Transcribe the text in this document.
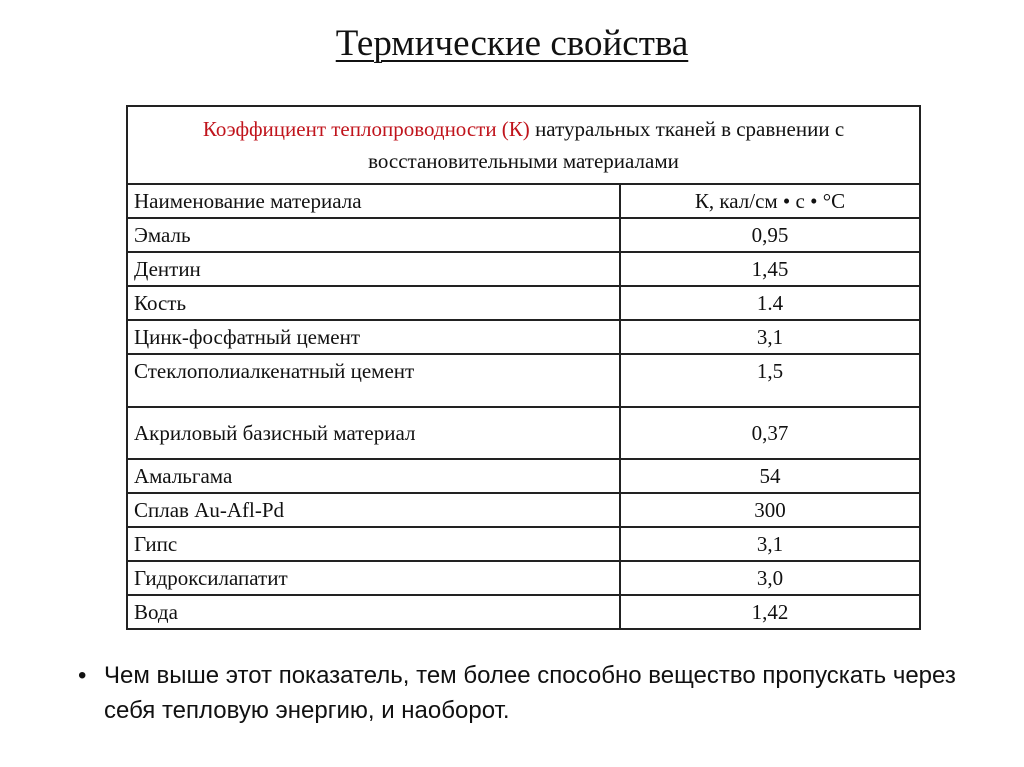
Термические свойства
Коэффициент теплопроводности (К) натуральных тканей в сравнении с восстановительными материалами	
Наименование материала	К, кал/см • с • °С
Эмаль	0,95
Дентин	1,45
Кость	1.4
Цинк-фосфатный цемент	3,1
Стеклополиалкенатный цемент	1,5
Акриловый базисный материал	0,37
Амальгама	54
Сплав Au-Afl-Pd	300
Гипс	3,1
Гидроксилапатит	3,0
Вода	1,42
• Чем выше этот показатель, тем более способно вещество пропускать через себя тепловую энергию, и наоборот.
